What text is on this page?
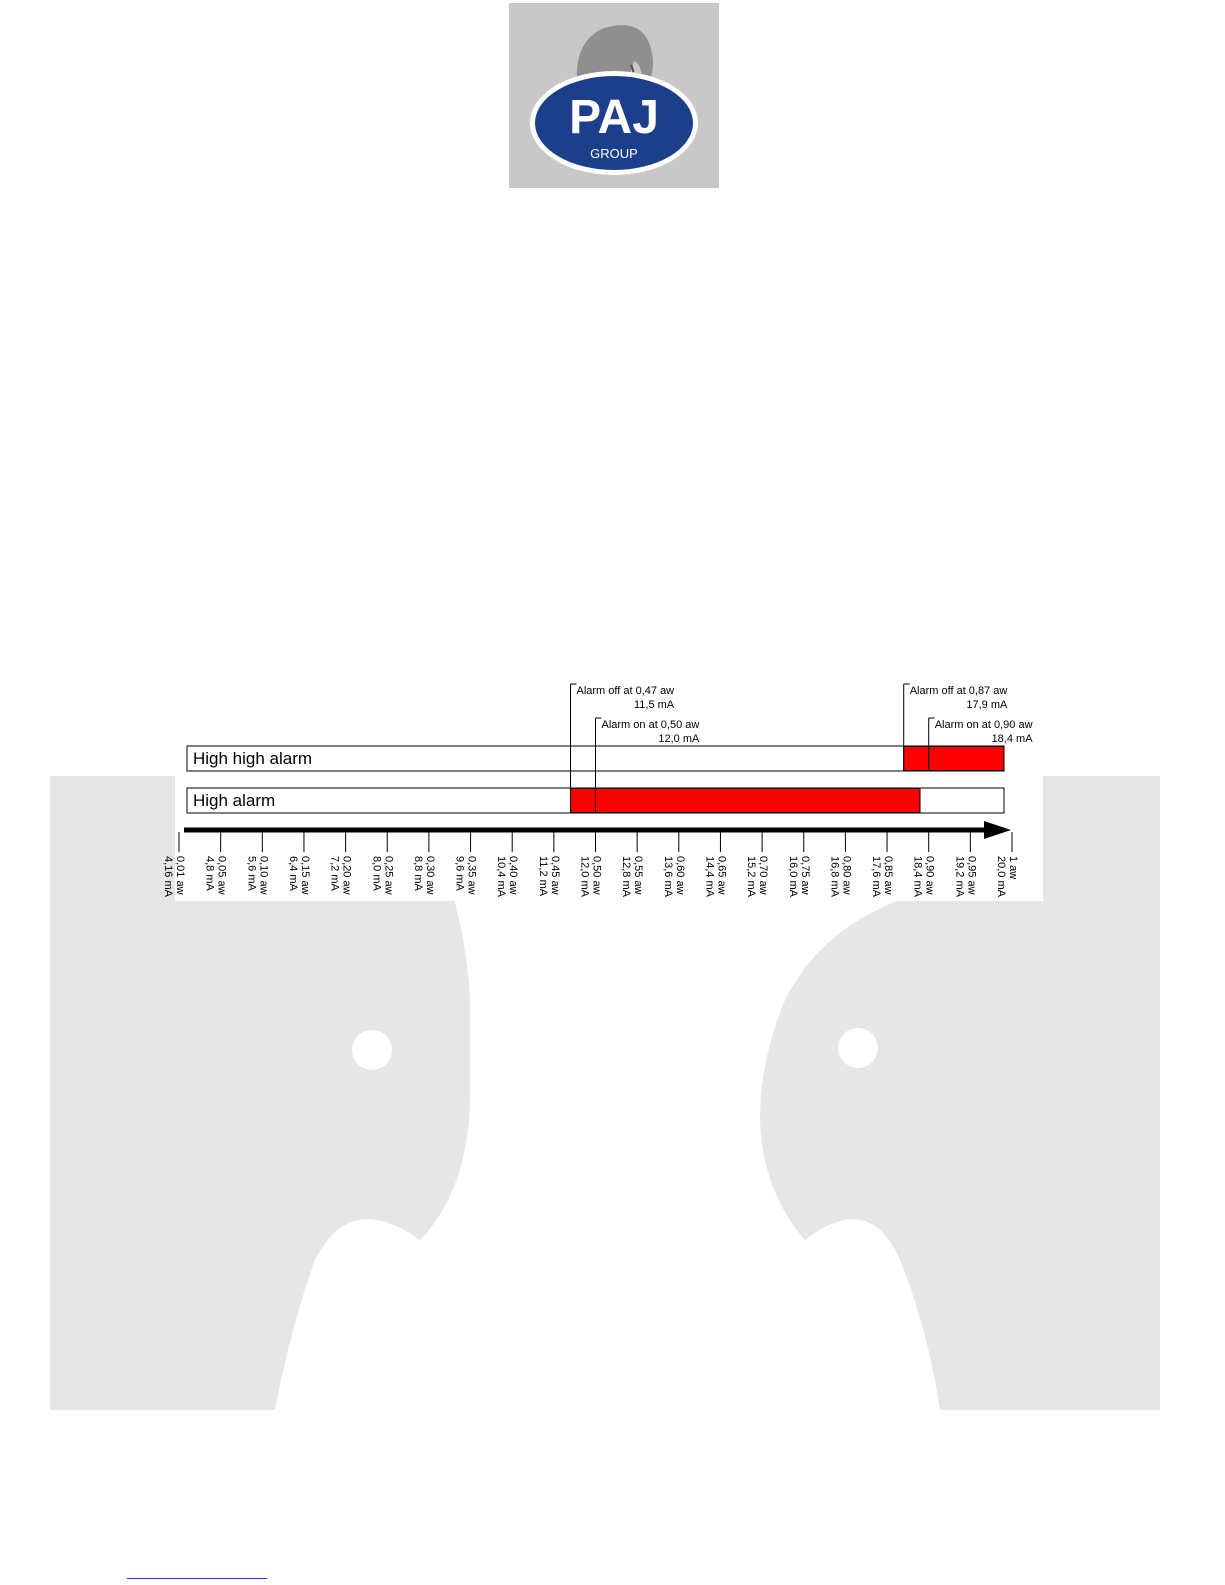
PAJ
GROUP
High high alarm
High alarm
Alarm off at 0,47 aw
11,5 mA
Alarm on at 0,50 aw
12,0 mA
Alarm off at 0,87 aw
17,9 mA
Alarm on at 0,90 aw
18,4 mA
0,01 aw
4,16 mA	0,05 aw
4,8 mA	0,10 aw
5,6 mA	0,15 aw
6,4 mA	0,20 aw
7,2 mA	0,25 aw
8,0 mA	0,30 aw
8,8 mA	0,35 aw
9,6 mA	0,40 aw
10,4 mA	0,45 aw
11,2 mA	0,50 aw
12,0 mA	0,55 aw
12,8 mA	0,60 aw
13,6 mA	0,65 aw
14,4 mA	0,70 aw
15,2 mA	0,75 aw
16,0 mA	0,80 aw
16,8 mA	0,85 aw
17,6 mA	0,90 aw
18,4 mA	0,95 aw
19,2 mA	1 aw
20,0 mA
